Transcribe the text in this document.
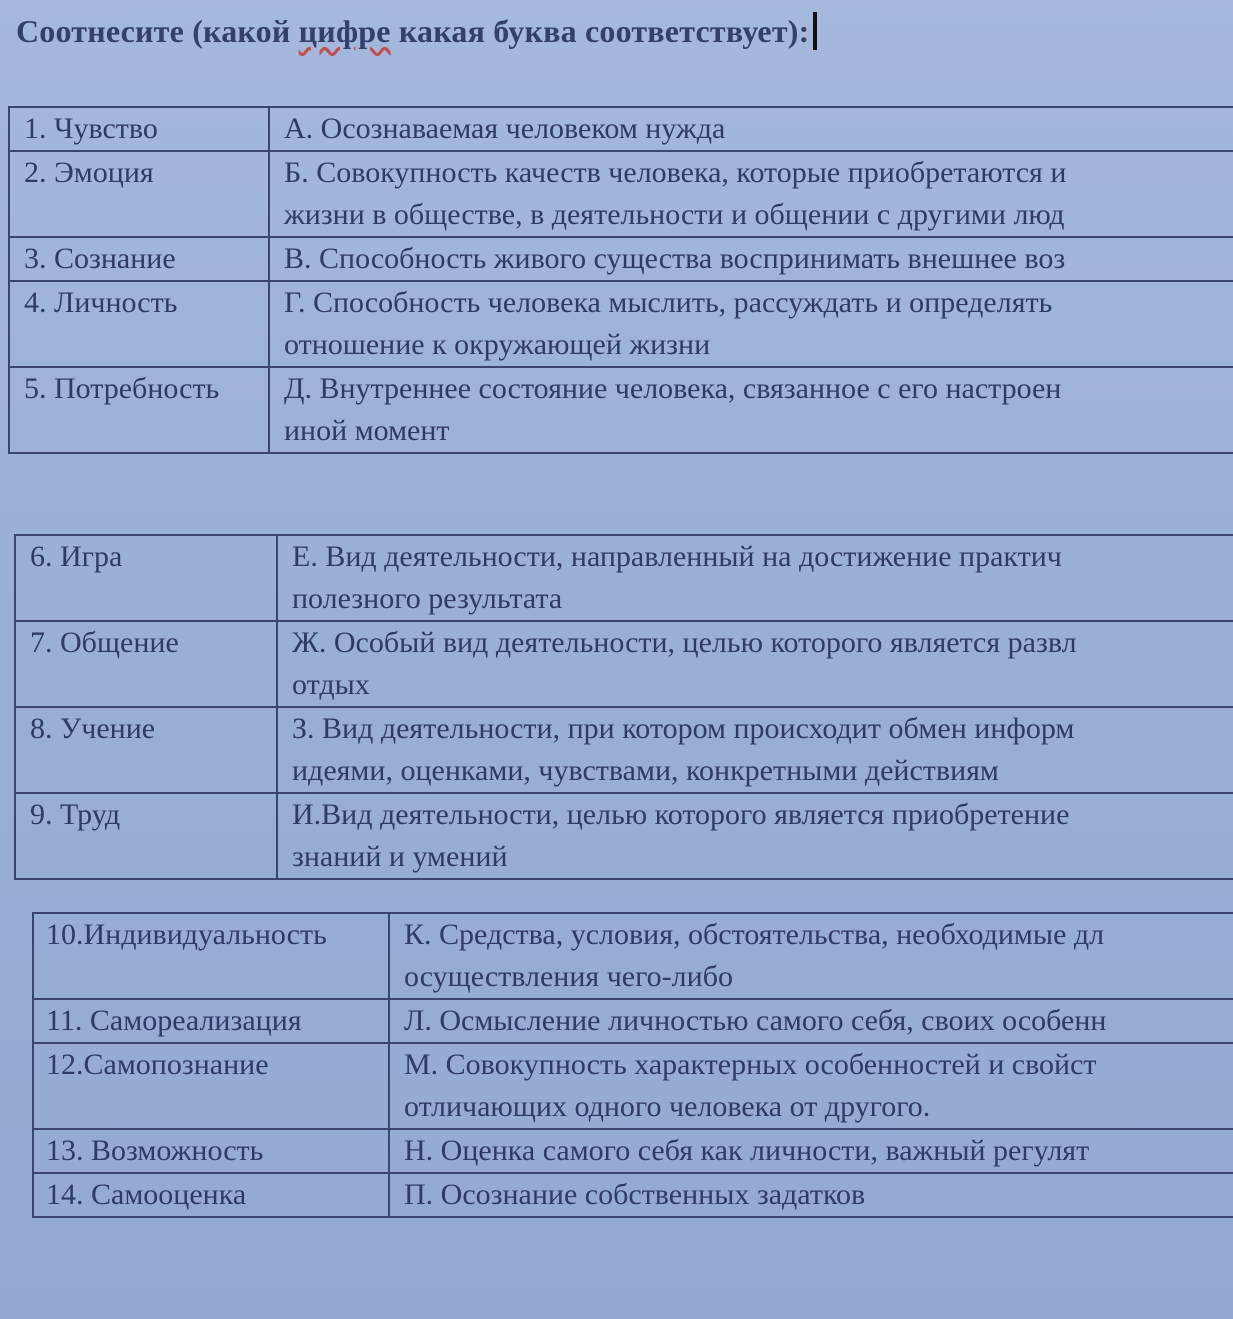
Соотнесите (какой цифре какая буква соответствует):
1. Чувство	А. Осознаваемая человеком нужда

2. Эмоция	Б. Совокупность качеств человека, которые приобретаются и
жизни в обществе, в деятельности и общении с другими люд

3. Сознание	В. Способность живого существа воспринимать внешнее воз

4. Личность	Г. Способность человека мыслить, рассуждать и определять
отношение к окружающей жизни

5. Потребность	Д. Внутреннее состояние человека, связанное с его настроен
иной момент
6. Игра	Е. Вид деятельности, направленный на достижение практич
полезного результата

7. Общение	Ж. Особый вид деятельности, целью которого является развл
отдых

8. Учение	З. Вид деятельности, при котором происходит обмен информ
идеями, оценками, чувствами, конкретными действиям

9. Труд	И.Вид деятельности, целью которого является приобретение
знаний и умений
10.Индивидуальность	К. Средства, условия, обстоятельства, необходимые дл
осуществления чего-либо

11. Самореализация	Л. Осмысление личностью самого себя, своих особенн

12.Самопознание	М. Совокупность характерных особенностей и свойст
отличающих одного человека от другого.

13. Возможность	Н. Оценка самого себя как личности, важный регулят

14. Самооценка	П. Осознание собственных задатков
